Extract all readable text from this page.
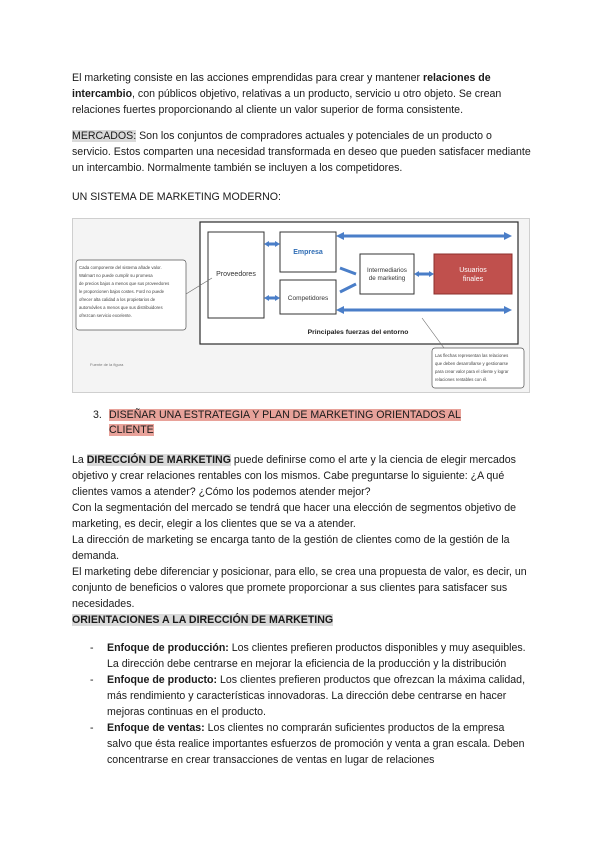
El marketing consiste en las acciones emprendidas para crear y mantener relaciones de intercambio, con públicos objetivo, relativas a un producto, servicio u otro objeto. Se crean relaciones fuertes proporcionando al cliente un valor superior de forma consistente.
MERCADOS: Son los conjuntos de compradores actuales y potenciales de un producto o servicio. Estos comparten una necesidad transformada en deseo que pueden satisfacer mediante un intercambio. Normalmente también se incluyen a los competidores.
UN SISTEMA DE MARKETING MODERNO:
Proveedores
Empresa
Competidores
Intermediarios
de marketing
Usuarios
finales
Principales fuerzas del entorno
Cada componente del sistema añade valor.
Walmart no puede cumplir su promesa
de precios bajos a menos que sus proveedores
le proporcionen bajos costes. Ford no puede
ofrecer alta calidad a los propietarios de
automóviles a menos que sus distribuidores
ofrezcan servicio excelente.
Las flechas representan las relaciones
que deben desarrollarse y gestionarse
para crear valor para el cliente y lograr
relaciones rentables con él.
Fuente de la figura
3. DISEÑAR UNA ESTRATEGIA Y PLAN DE MARKETING ORIENTADOS AL CLIENTE
La DIRECCIÓN DE MARKETING puede definirse como el arte y la ciencia de elegir mercados objetivo y crear relaciones rentables con los mismos. Cabe preguntarse lo siguiente: ¿A qué clientes vamos a atender? ¿Cómo los podemos atender mejor?
Con la segmentación del mercado se tendrá que hacer una elección de segmentos objetivo de marketing, es decir, elegir a los clientes que se va a atender.
La dirección de marketing se encarga tanto de la gestión de clientes como de la gestión de la demanda.
El marketing debe diferenciar y posicionar, para ello, se crea una propuesta de valor, es decir, un conjunto de beneficios o valores que promete proporcionar a sus clientes para satisfacer sus necesidades.
ORIENTACIONES A LA DIRECCIÓN DE MARKETING
- Enfoque de producción: Los clientes prefieren productos disponibles y muy asequibles. La dirección debe centrarse en mejorar la eficiencia de la producción y la distribución
- Enfoque de producto: Los clientes prefieren productos que ofrezcan la máxima calidad, más rendimiento y características innovadoras. La dirección debe centrarse en hacer mejoras continuas en el producto.
- Enfoque de ventas: Los clientes no comprarán suficientes productos de la empresa salvo que ésta realice importantes esfuerzos de promoción y venta a gran escala. Deben concentrarse en crear transacciones de ventas en lugar de relaciones
